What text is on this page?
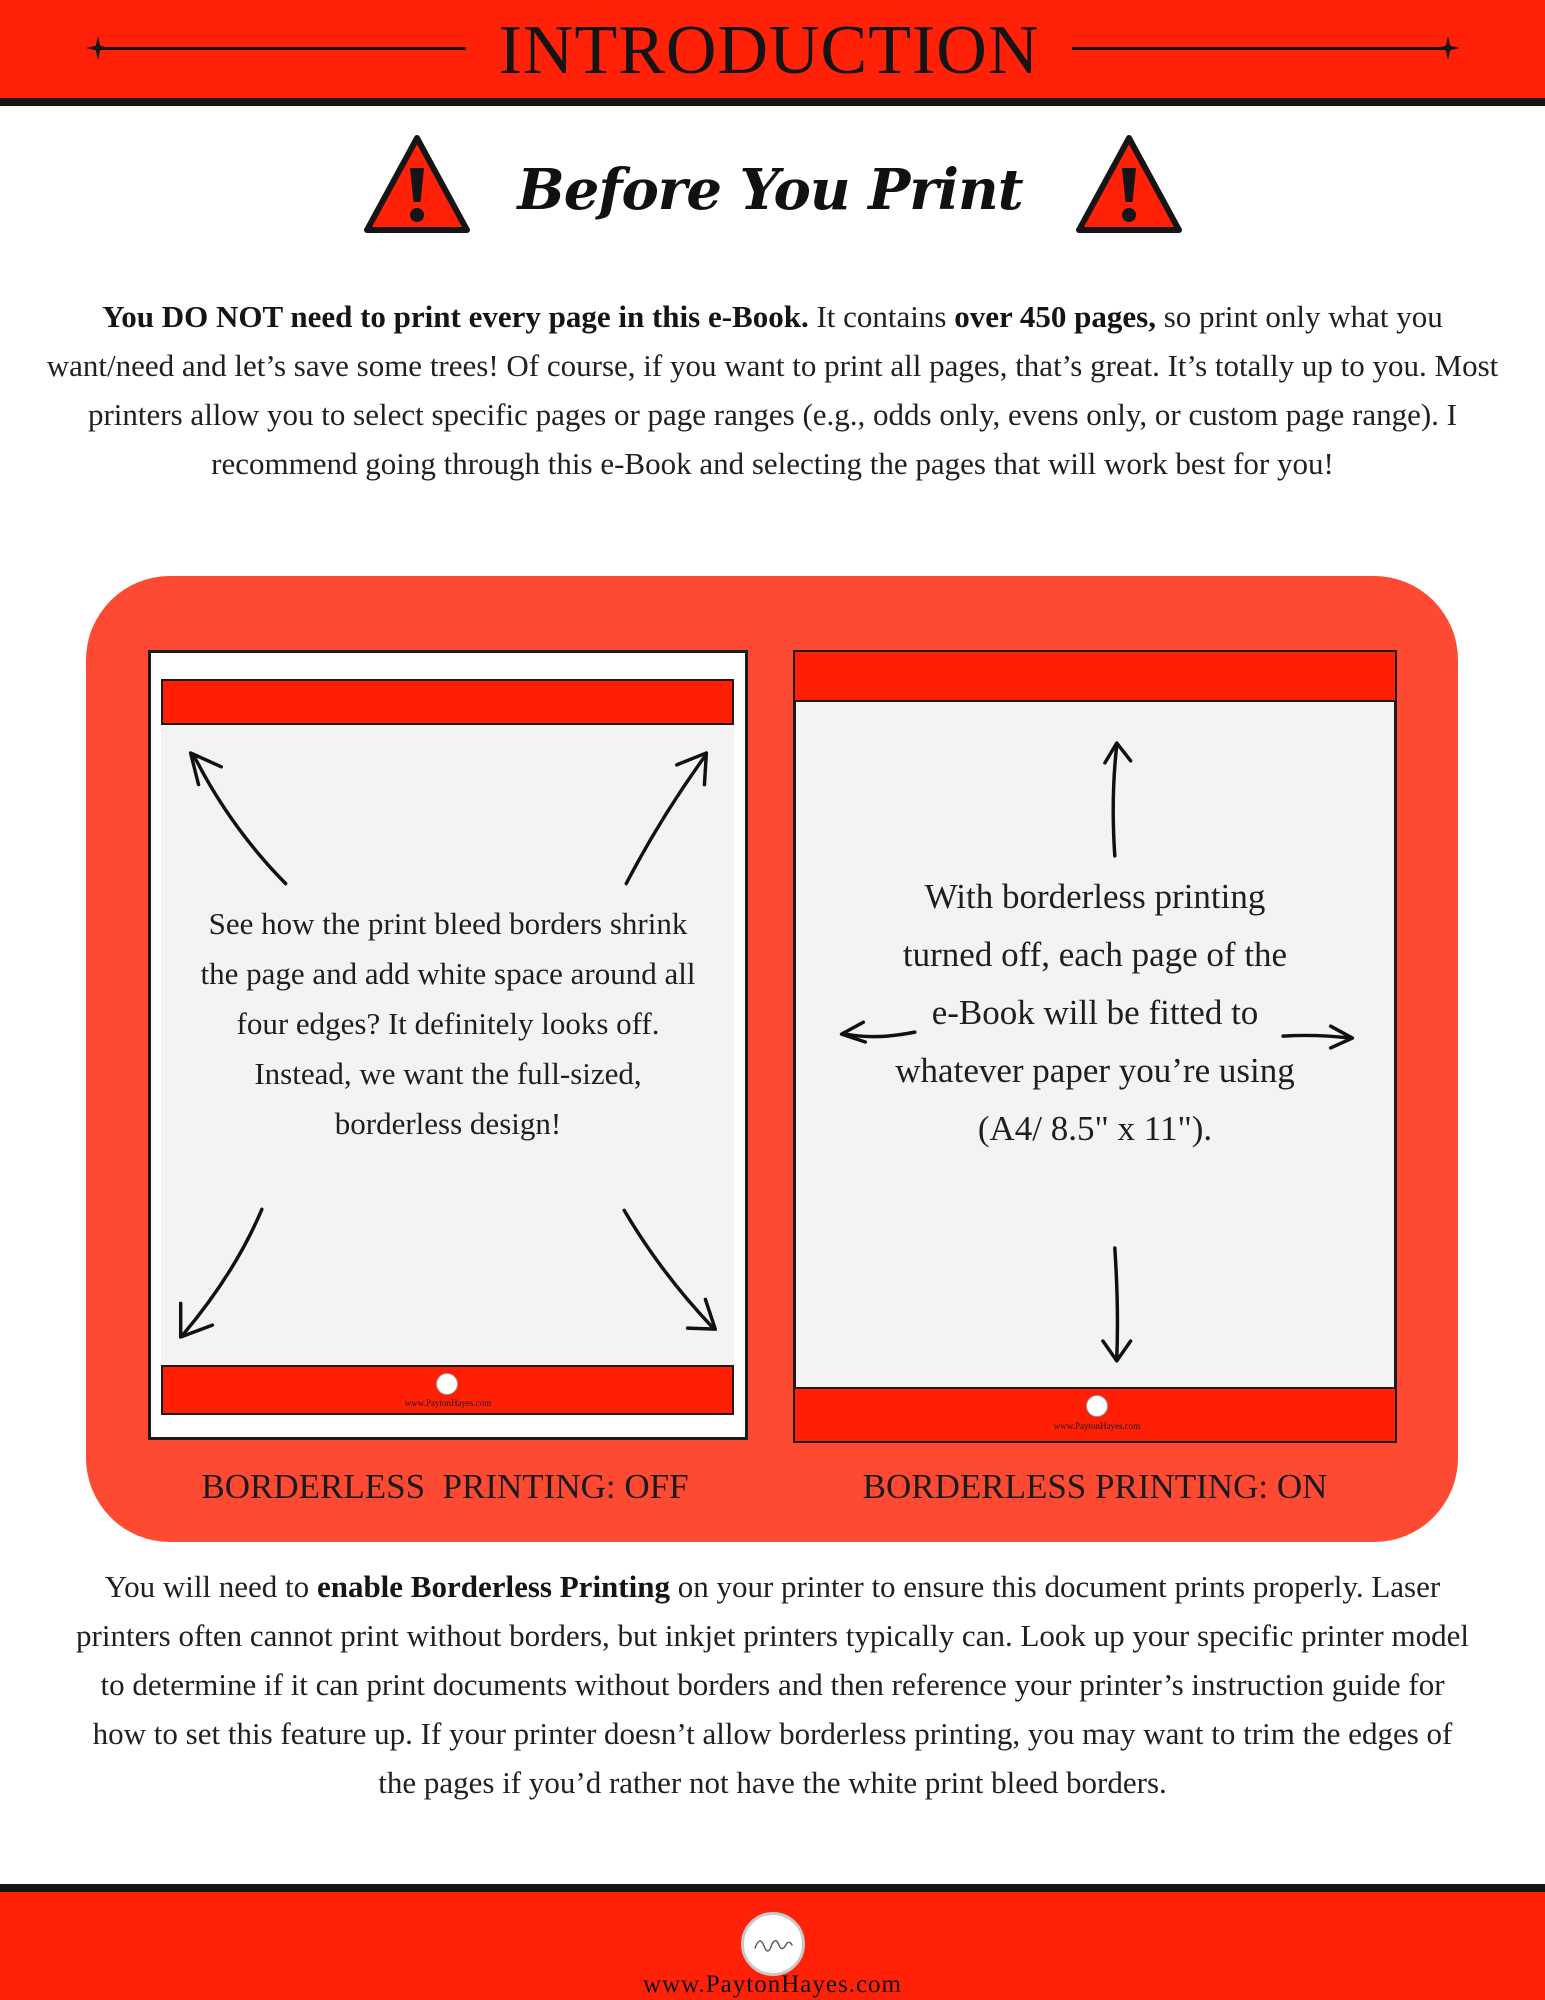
INTRODUCTION
Before You Print
You DO NOT need to print every page in this e-Book. It contains over 450 pages, so print only what you want/need and let’s save some trees! Of course, if you want to print all pages, that’s great. It’s totally up to you. Most printers allow you to select specific pages or page ranges (e.g., odds only, evens only, or custom page range). I recommend going through this e-Book and selecting the pages that will work best for you!
www.PaytonHayes.com
See how the print bleed borders shrink the page and add white space around all four edges? It definitely looks off. Instead, we want the full-sized, borderless design!
www.PaytonHayes.com
With borderless printing turned off, each page of the e-Book will be fitted to whatever paper you’re using (A4/ 8.5" x 11").
BORDERLESS  PRINTING: OFF	BORDERLESS PRINTING: ON
You will need to enable Borderless Printing on your printer to ensure this document prints properly. Laser printers often cannot print without borders, but inkjet printers typically can. Look up your specific printer model to determine if it can print documents without borders and then reference your printer’s instruction guide for how to set this feature up. If your printer doesn’t allow borderless printing, you may want to trim the edges of the pages if you’d rather not have the white print bleed borders.
www.PaytonHayes.com
